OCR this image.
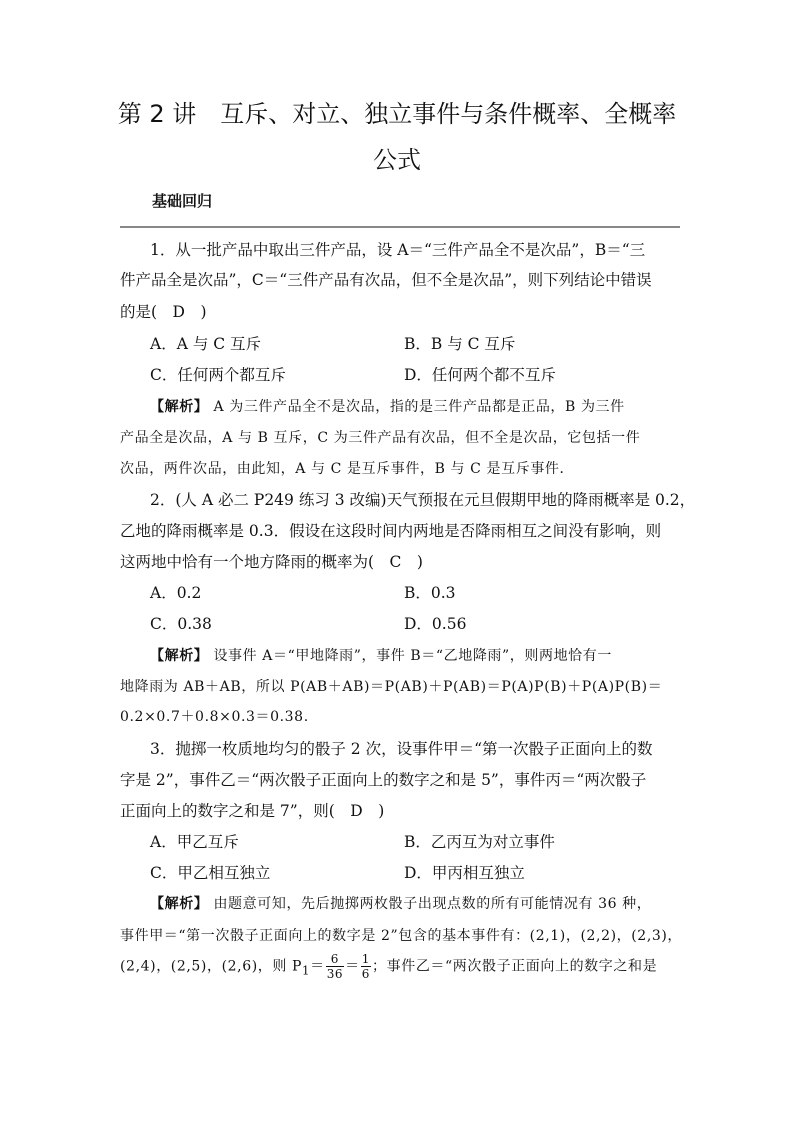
第 2 讲　互斥、对立、独立事件与条件概率、全概率
公式
基础回归
1．从一批产品中取出三件产品，设 A＝“三件产品全不是次品”，B＝“三
件产品全是次品”，C＝“三件产品有次品，但不全是次品”，则下列结论中错误
的是(　D　)
A．A 与 C 互斥	B．B 与 C 互斥
C．任何两个都互斥	D．任何两个都不互斥
【解析】 A 为三件产品全不是次品，指的是三件产品都是正品，B 为三件
产品全是次品，A 与 B 互斥，C 为三件产品有次品，但不全是次品，它包括一件
次品，两件次品，由此知，A 与 C 是互斥事件，B 与 C 是互斥事件．
2．(人 A 必二 P249 练习 3 改编)天气预报在元旦假期甲地的降雨概率是 0.2，
乙地的降雨概率是 0.3．假设在这段时间内两地是否降雨相互之间没有影响，则
这两地中恰有一个地方降雨的概率为(　C　)
A．0.2	B．0.3
C．0.38	D．0.56
【解析】 设事件 A＝“甲地降雨”，事件 B＝“乙地降雨”，则两地恰有一
地降雨为 AB＋AB，所以 P(AB＋AB)＝P(AB)＋P(AB)＝P(A)P(B)＋P(A)P(B)＝
0.2×0.7＋0.8×0.3＝0.38.
3．抛掷一枚质地均匀的骰子 2 次，设事件甲＝“第一次骰子正面向上的数
字是 2”，事件乙＝“两次骰子正面向上的数字之和是 5”，事件丙＝“两次骰子
正面向上的数字之和是 7”，则(　D　)
A．甲乙互斥	B．乙丙互为对立事件
C．甲乙相互独立	D．甲丙相互独立
【解析】 由题意可知，先后抛掷两枚骰子出现点数的所有可能情况有 36 种，
事件甲＝“第一次骰子正面向上的数字是 2”包含的基本事件有：(2,1)，(2,2)，(2,3)，
(2,4)，(2,5)，(2,6)，则 $P_1= \frac{6}{36} = \frac{1}{6}$ ；事件乙＝“两次骰子正面向上的数字之和是
